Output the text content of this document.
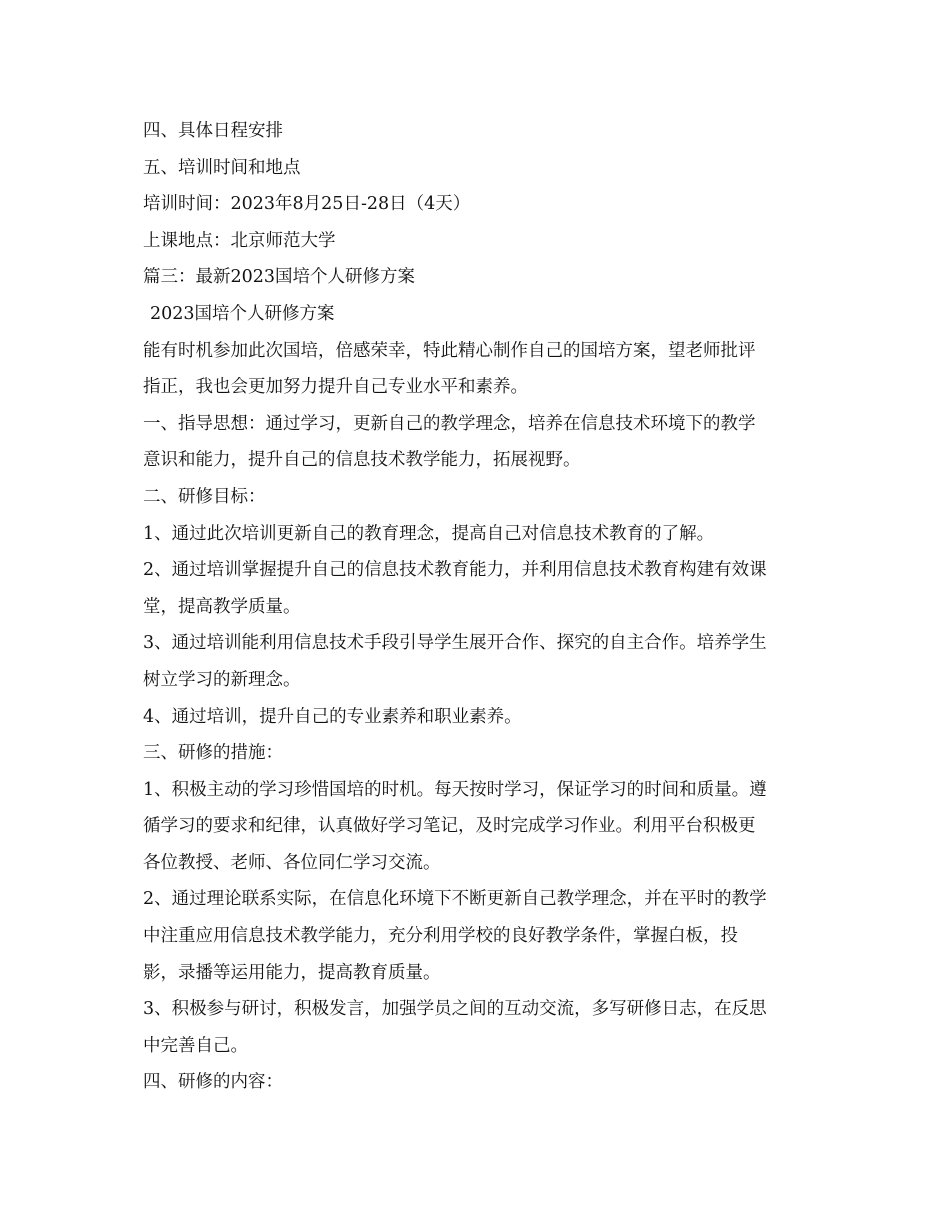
四、具体日程安排

五、培训时间和地点

培训时间：2023年8月25日-28日（4天）

上课地点：北京师范大学

篇三：最新2023国培个人研修方案

2023国培个人研修方案

能有时机参加此次国培，倍感荣幸，特此精心制作自己的国培方案，望老师批评

指正，我也会更加努力提升自己专业水平和素养。

一、指导思想：通过学习，更新自己的教学理念，培养在信息技术环境下的教学

意识和能力，提升自己的信息技术教学能力，拓展视野。

二、研修目标：

1、通过此次培训更新自己的教育理念，提高自己对信息技术教育的了解。

2、通过培训掌握提升自己的信息技术教育能力，并利用信息技术教育构建有效课

堂，提高教学质量。

3、通过培训能利用信息技术手段引导学生展开合作、探究的自主合作。培养学生

树立学习的新理念。

4、通过培训，提升自己的专业素养和职业素养。

三、研修的措施：

1、积极主动的学习珍惜国培的时机。每天按时学习，保证学习的时间和质量。遵

循学习的要求和纪律，认真做好学习笔记，及时完成学习作业。利用平台积极更

各位教授、老师、各位同仁学习交流。

2、通过理论联系实际，在信息化环境下不断更新自己教学理念，并在平时的教学

中注重应用信息技术教学能力，充分利用学校的良好教学条件，掌握白板，投

影，录播等运用能力，提高教育质量。

3、积极参与研讨，积极发言，加强学员之间的互动交流，多写研修日志，在反思

中完善自己。

四、研修的内容：
